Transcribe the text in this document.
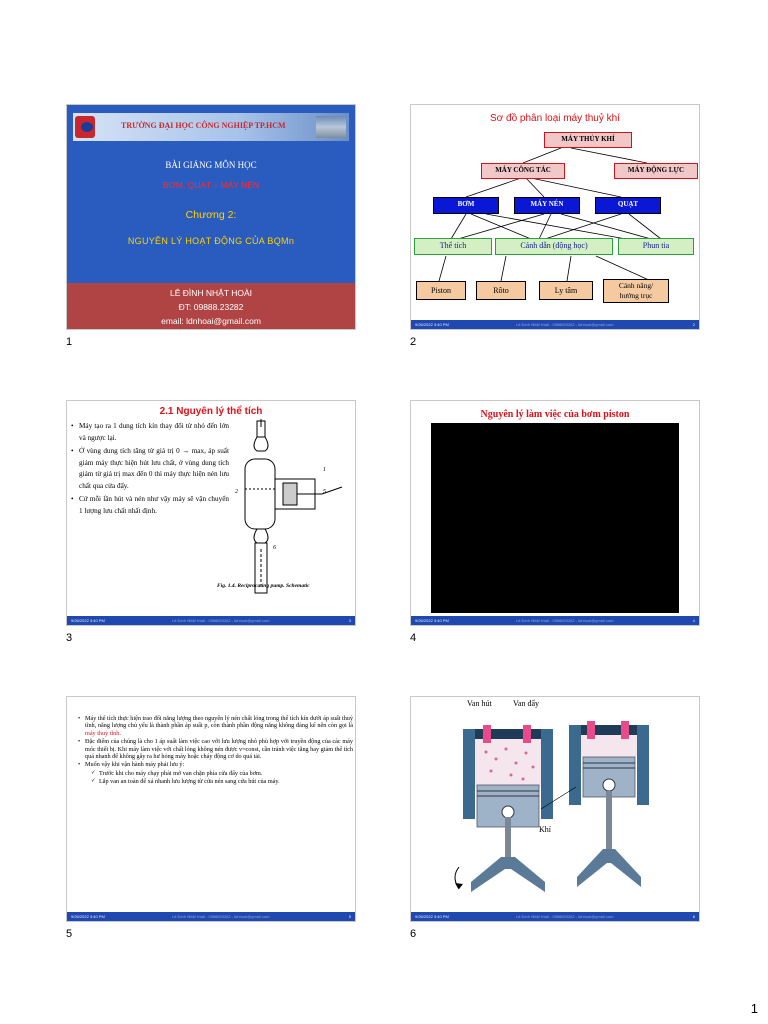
TRƯỜNG ĐẠI HỌC CÔNG NGHIỆP TP.HCM
BÀI GIẢNG MÔN HỌC
BƠM, QUẠT – MÁY NÉN
Chương 2:
NGUYÊN LÝ HOẠT ĐỘNG CỦA BQMn
LÊ ĐÌNH NHẬT HOÀI
ĐT: 09888.23282
email: ldnhoai@gmail.com
1
Sơ đồ phân loại máy thuỷ khí
MÁY THỦY KHÍ
MÁY CÔNG TÁC	MÁY ĐỘNG LỰC
BƠM	MÁY NÉN	QUẠT
Thể tích	Cánh dẫn (động học)	Phun tia
Piston	Rôto	Ly tâm
Cánh nâng/
hướng trục
9/26/2022 3:40 PM	Lê Đình Nhật Hoài - 0988823282 - ldnhoai@gmail.com	2
2
2.1 Nguyên lý thể tích
• Máy tạo ra 1 dung tích kín thay đổi từ nhỏ đến lớn và ngược lại.
• Ở vùng dung tích tăng từ giá trị 0 → max, áp suất giảm máy thực hiện hút lưu chất, ở vùng dung tích giảm từ giá trị max đến 0 thì máy thực hiện nén lưu chất qua cửa đẩy.
• Cứ mỗi lần hút và nén như vậy máy sẽ vận chuyển 1 lượng lưu chất nhất định.
2
1
5
6
Fig. 1.4. Reciprocating pump. Schematic
9/26/2022 3:40 PM	Lê Đình Nhật Hoài - 0988823282 - ldnhoai@gmail.com	3
3
Nguyên lý làm việc của bơm piston
9/26/2022 3:40 PM	Lê Đình Nhật Hoài - 0988823282 - ldnhoai@gmail.com	4
4
• Máy thể tích thực hiện trao đổi năng lượng theo nguyên lý nén chất lỏng trong thể tích kín dưới áp suất thuỷ tĩnh, năng lượng chủ yếu là thành phần áp suất p, còn thành phần động năng không đáng kể nên còn gọi là máy thuỷ tĩnh.
• Đặc điểm của chúng là cho 1 áp suất làm việc cao với lưu lượng nhỏ phù hợp với truyền động của các máy móc thiết bị. Khi máy làm việc với chất lỏng không nén được v=const, cần tránh việc tăng hay giảm thể tích quá nhanh để không gây ra hư hỏng máy hoặc cháy động cơ do quá tải.
• Muốn vậy khi vận hành máy phải lưu ý:
✓ Trước khi cho máy chạy phải mở van chặn phía cửa đẩy của bơm.
✓ Lắp van an toàn để xả nhanh lưu lượng từ cửa nén sang cửa hút của máy.
9/26/2022 3:40 PM	Lê Đình Nhật Hoài - 0988823282 - ldnhoai@gmail.com	5
5
Van hút	Van đẩy
Khí
9/26/2022 3:40 PM	Lê Đình Nhật Hoài - 0988823282 - ldnhoai@gmail.com	6
6
1
